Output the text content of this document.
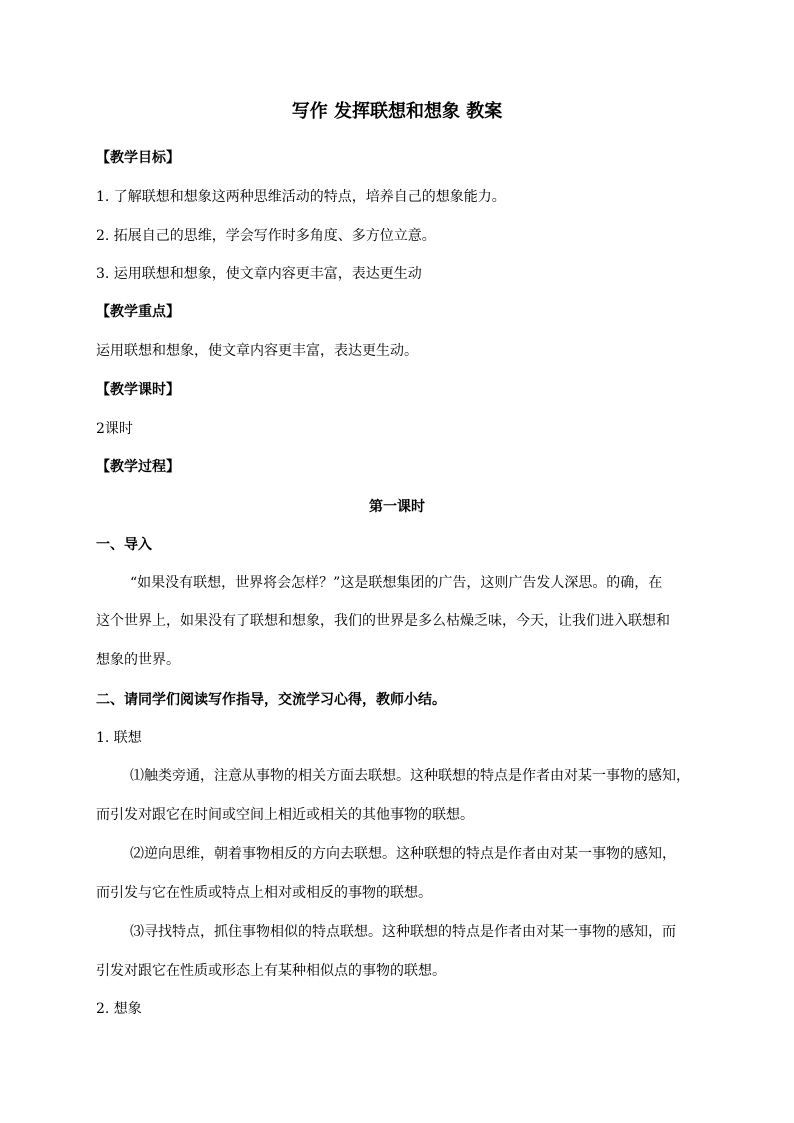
写作 发挥联想和想象 教案
【教学目标】
1. 了解联想和想象这两种思维活动的特点，培养自己的想象能力。
2. 拓展自己的思维，学会写作时多角度、多方位立意。
3. 运用联想和想象，使文章内容更丰富，表达更生动
【教学重点】
运用联想和想象，使文章内容更丰富，表达更生动。
【教学课时】
2课时
【教学过程】
第一课时
一、导入
“如果没有联想，世界将会怎样？”这是联想集团的广告，这则广告发人深思。的确，在
这个世界上，如果没有了联想和想象，我们的世界是多么枯燥乏味，今天，让我们进入联想和
想象的世界。
二、请同学们阅读写作指导，交流学习心得，教师小结。
1. 联想
⑴触类旁通，注意从事物的相关方面去联想。这种联想的特点是作者由对某一事物的感知，
而引发对跟它在时间或空间上相近或相关的其他事物的联想。
⑵逆向思维，朝着事物相反的方向去联想。这种联想的特点是作者由对某一事物的感知，
而引发与它在性质或特点上相对或相反的事物的联想。
⑶寻找特点，抓住事物相似的特点联想。这种联想的特点是作者由对某一事物的感知，而
引发对跟它在性质或形态上有某种相似点的事物的联想。
2. 想象
